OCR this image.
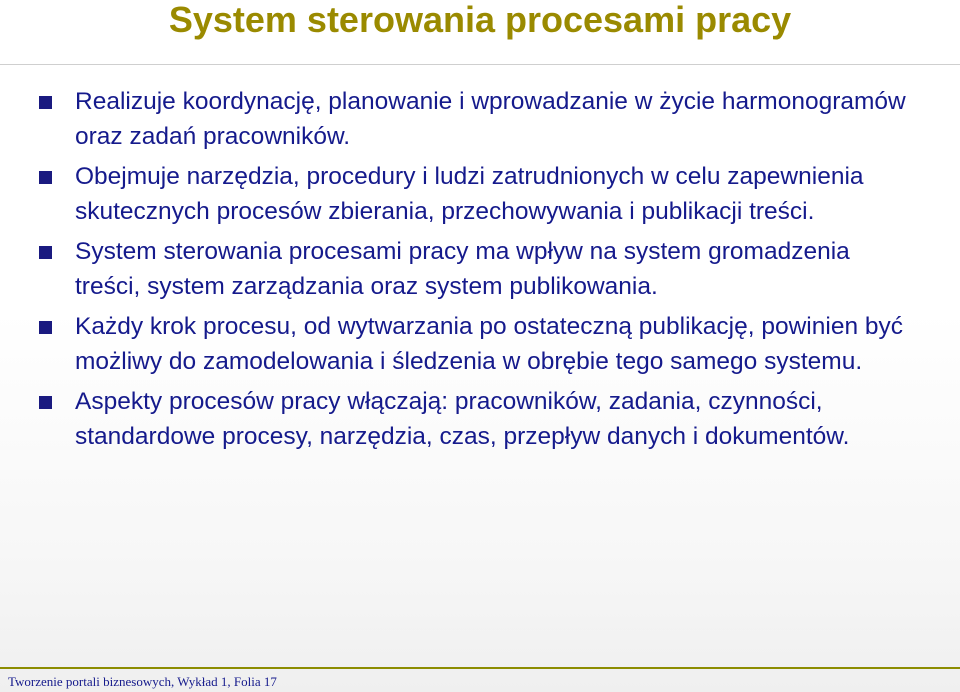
System sterowania procesami pracy
Realizuje koordynację, planowanie i wprowadzanie w życie harmonogramów oraz zadań pracowników.
Obejmuje narzędzia, procedury i ludzi zatrudnionych w celu zapewnienia skutecznych procesów zbierania, przechowywania i publikacji treści.
System sterowania procesami pracy ma wpływ na system gromadzenia treści, system zarządzania oraz system publikowania.
Każdy krok procesu, od wytwarzania po ostateczną publikację, powinien być możliwy do zamodelowania i śledzenia w obrębie tego samego systemu.
Aspekty procesów pracy włączają: pracowników, zadania, czynności, standardowe procesy, narzędzia, czas, przepływ danych i dokumentów.
Tworzenie portali biznesowych, Wykład 1, Folia 17
